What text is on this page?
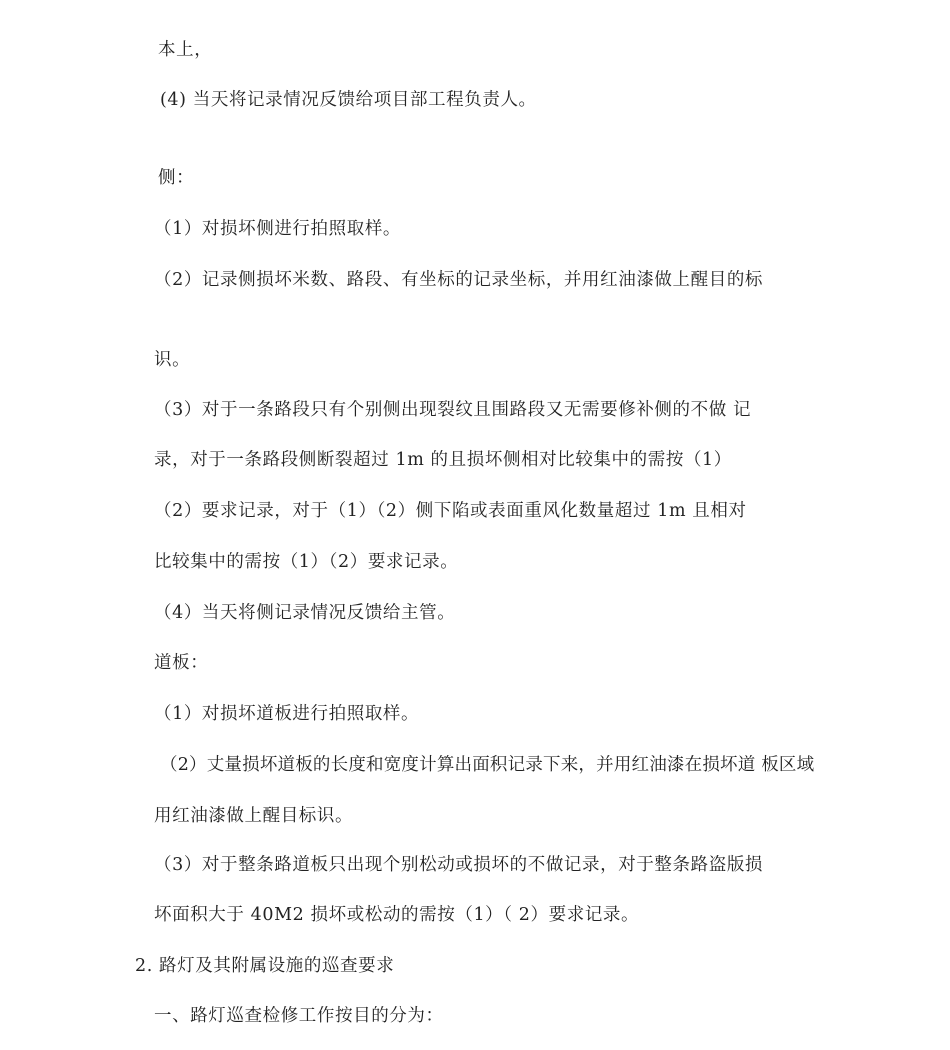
本上，

(4) 当天将记录情况反馈给项目部工程负责人。

侧：

（1）对损坏侧进行拍照取样。

（2）记录侧损坏米数、路段、有坐标的记录坐标，并用红油漆做上醒目的标

识。

（3）对于一条路段只有个别侧出现裂纹且围路段又无需要修补侧的不做 记

录，对于一条路段侧断裂超过 1m 的且损坏侧相对比较集中的需按（1）

（2）要求记录，对于（1）（2）侧下陷或表面重风化数量超过 1m 且相对

比较集中的需按（1）（2）要求记录。

（4）当天将侧记录情况反馈给主管。

道板：

（1）对损坏道板进行拍照取样。

（2）丈量损坏道板的长度和宽度计算出面积记录下来，并用红油漆在损坏道 板区域

用红油漆做上醒目标识。

（3）对于整条路道板只出现个别松动或损坏的不做记录，对于整条路盗版损

坏面积大于 40M2 损坏或松动的需按（1）（ 2）要求记录。

2. 路灯及其附属设施的巡查要求

一、路灯巡查检修工作按目的分为：
